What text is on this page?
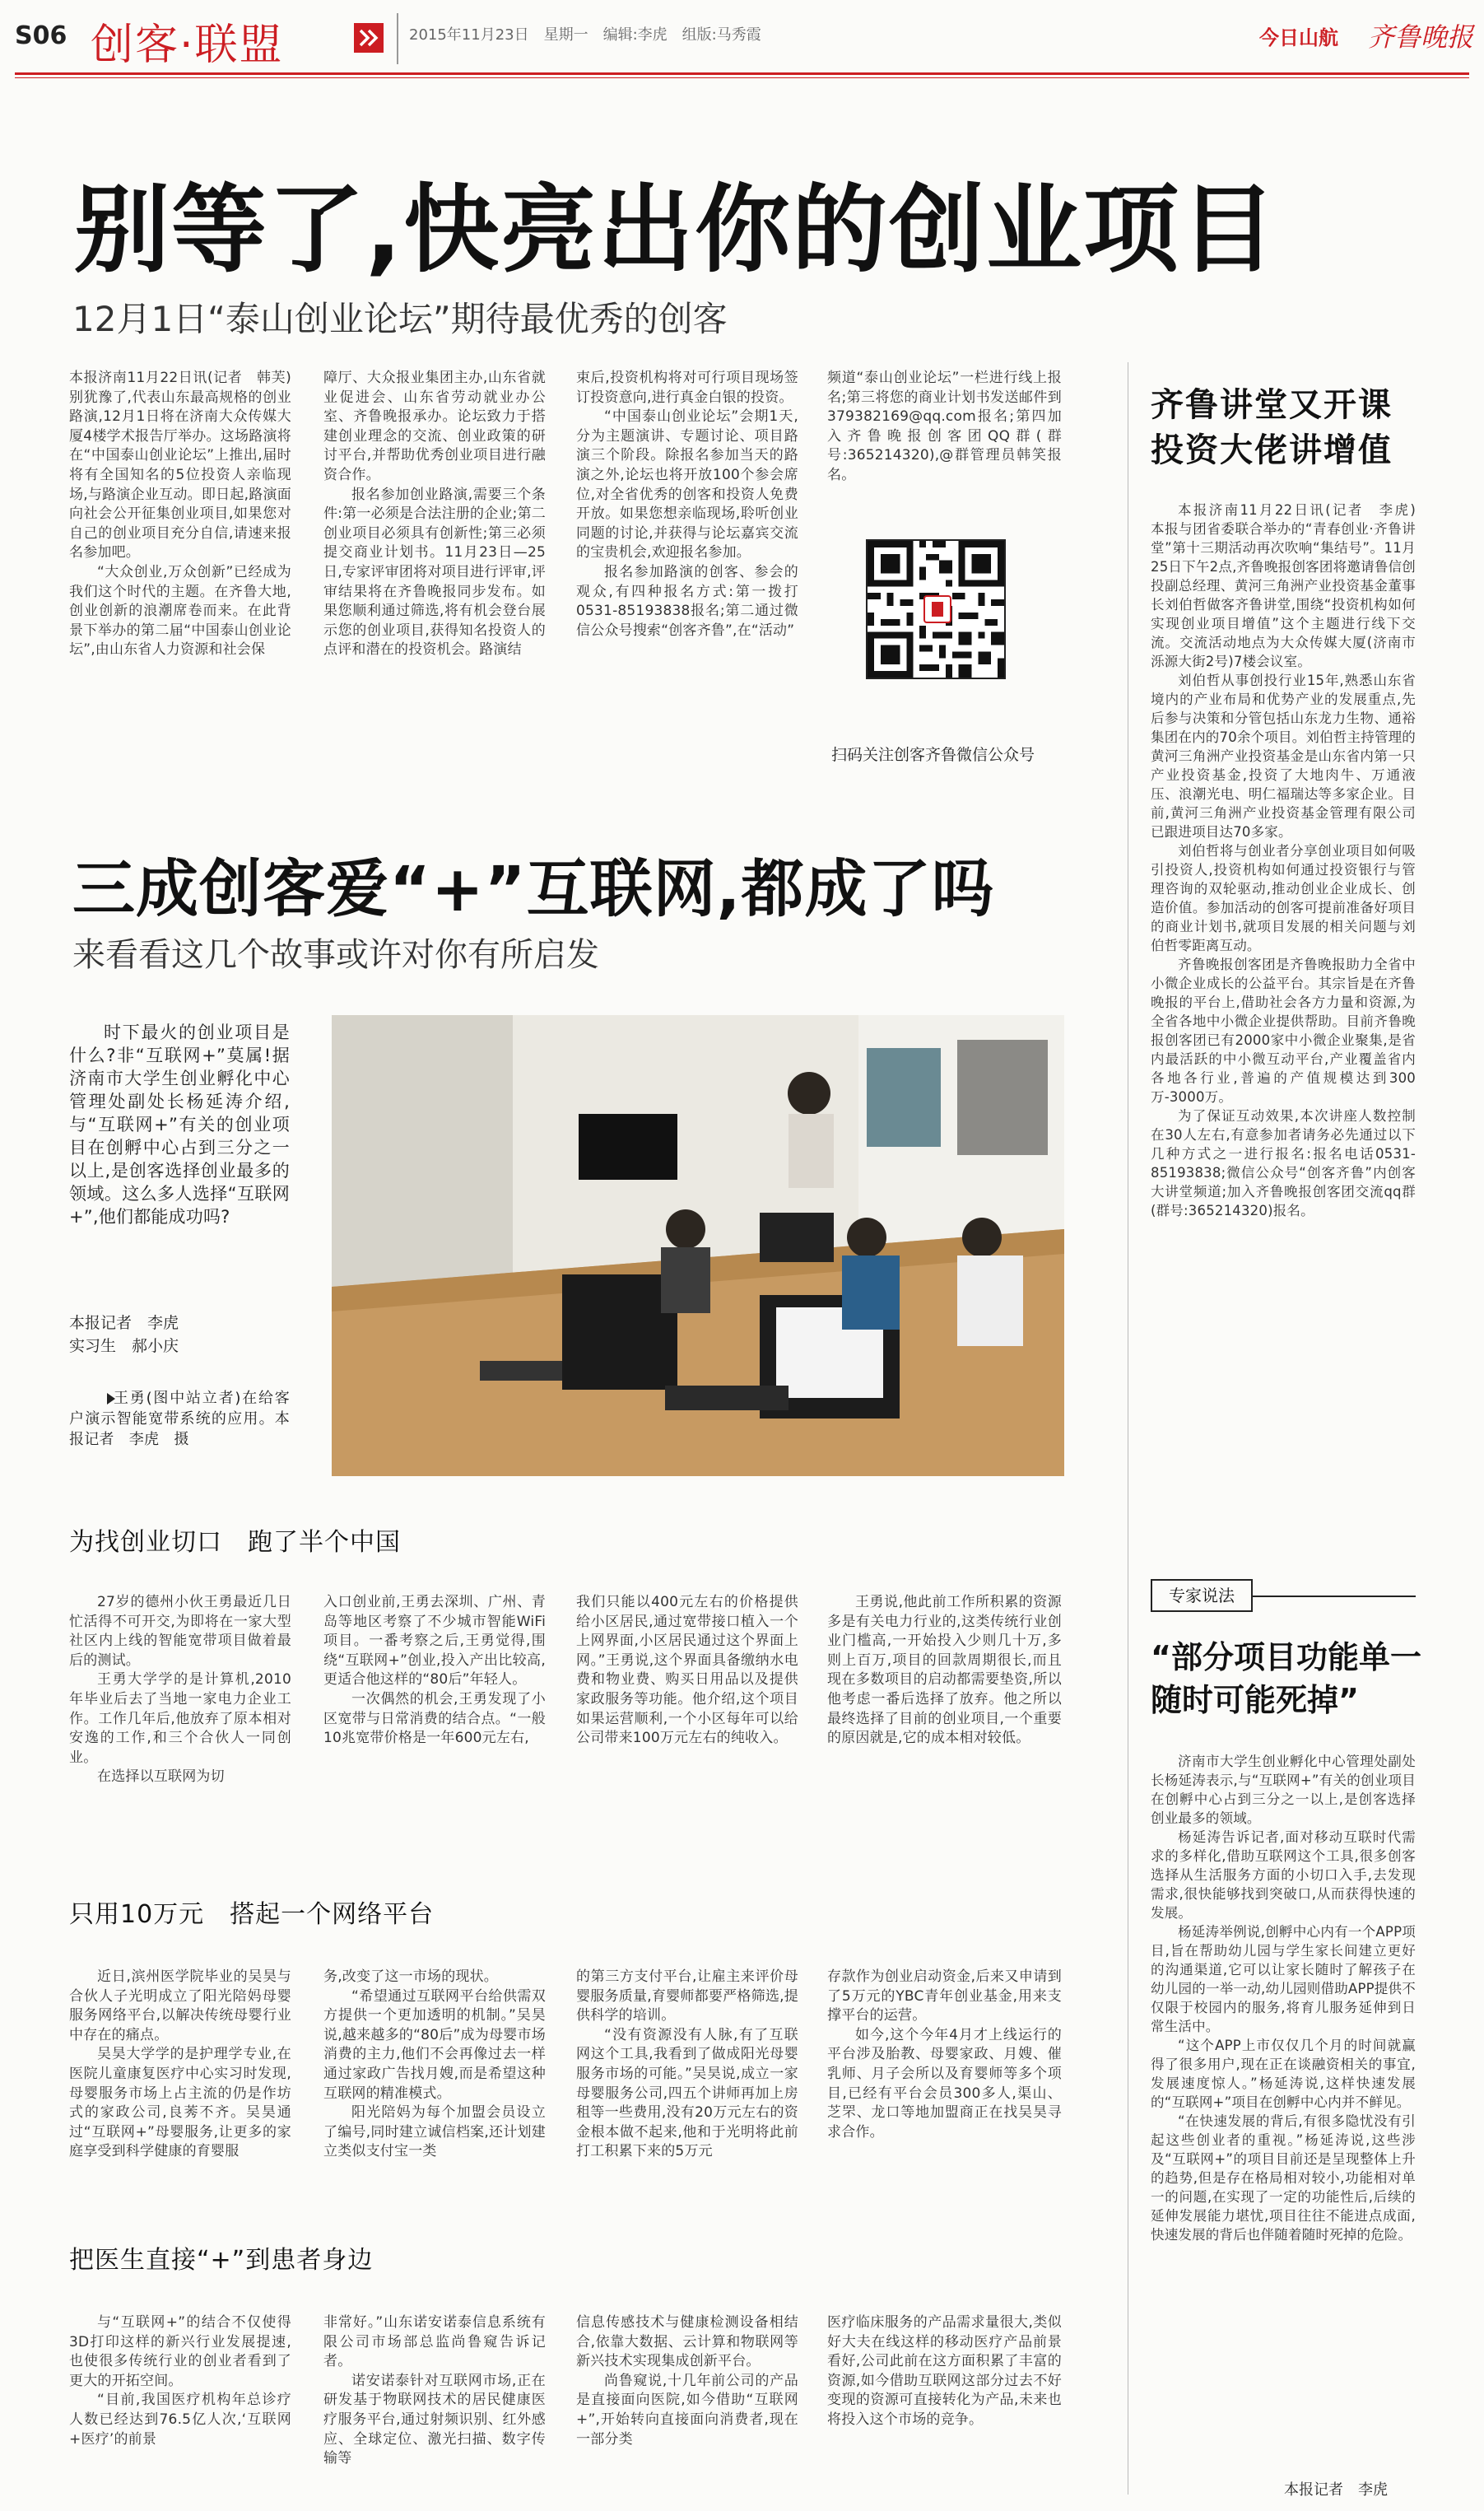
S06 创客·联盟	2015年11月23日　星期一　编辑:李虎　组版:马秀霞	今日山航 齐鲁晚报
别等了,快亮出你的创业项目
12月1日“泰山创业论坛”期待最优秀的创客

本报济南11月22日讯(记者　韩芙)　别犹豫了,代表山东最高规格的创业路演,12月1日将在济南大众传媒大厦4楼学术报告厅举办。这场路演将在“中国泰山创业论坛”上推出,届时将有全国知名的5位投资人亲临现场,与路演企业互动。即日起,路演面向社会公开征集创业项目,如果您对自己的创业项目充分自信,请速来报名参加吧。

“大众创业,万众创新”已经成为我们这个时代的主题。在齐鲁大地,创业创新的浪潮席卷而来。在此背景下举办的第二届“中国泰山创业论坛”,由山东省人力资源和社会保

障厅、大众报业集团主办,山东省就业促进会、山东省劳动就业办公室、齐鲁晚报承办。论坛致力于搭建创业理念的交流、创业政策的研讨平台,并帮助优秀创业项目进行融资合作。

报名参加创业路演,需要三个条件:第一必须是合法注册的企业;第二创业项目必须具有创新性;第三必须提交商业计划书。11月23日—25日,专家评审团将对项目进行评审,评审结果将在齐鲁晚报同步发布。如果您顺利通过筛选,将有机会登台展示您的创业项目,获得知名投资人的点评和潜在的投资机会。路演结

束后,投资机构将对可行项目现场签订投资意向,进行真金白银的投资。

“中国泰山创业论坛”会期1天,分为主题演讲、专题讨论、项目路演三个阶段。除报名参加当天的路演之外,论坛也将开放100个参会席位,对全省优秀的创客和投资人免费开放。如果您想亲临现场,聆听创业同题的讨论,并获得与论坛嘉宾交流的宝贵机会,欢迎报名参加。

报名参加路演的创客、参会的观众,有四种报名方式:第一拨打0531-85193838报名;第二通过微信公众号搜索“创客齐鲁”,在“活动”

频道“泰山创业论坛”一栏进行线上报名;第三将您的商业计划书发送邮件到379382169@qq.com报名;第四加入齐鲁晚报创客团QQ群(群号:365214320),@群管理员韩笑报名。

扫码关注创客齐鲁微信公众号
齐鲁讲堂又开课
投资大佬讲增值

本报济南11月22日讯(记者　李虎)　本报与团省委联合举办的“青春创业·齐鲁讲堂”第十三期活动再次吹响“集结号”。11月25日下午2点,齐鲁晚报创客团将邀请鲁信创投副总经理、黄河三角洲产业投资基金董事长刘伯哲做客齐鲁讲堂,围绕“投资机构如何实现创业项目增值”这个主题进行线下交流。交流活动地点为大众传媒大厦(济南市泺源大街2号)7楼会议室。

刘伯哲从事创投行业15年,熟悉山东省境内的产业布局和优势产业的发展重点,先后参与决策和分管包括山东龙力生物、通裕集团在内的70余个项目。刘伯哲主持管理的黄河三角洲产业投资基金是山东省内第一只产业投资基金,投资了大地肉牛、万通液压、浪潮光电、明仁福瑞达等多家企业。目前,黄河三角洲产业投资基金管理有限公司已跟进项目达70多家。

刘伯哲将与创业者分享创业项目如何吸引投资人,投资机构如何通过投资银行与管理咨询的双轮驱动,推动创业企业成长、创造价值。参加活动的创客可提前准备好项目的商业计划书,就项目发展的相关问题与刘伯哲零距离互动。

齐鲁晚报创客团是齐鲁晚报助力全省中小微企业成长的公益平台。其宗旨是在齐鲁晚报的平台上,借助社会各方力量和资源,为全省各地中小微企业提供帮助。目前齐鲁晚报创客团已有2000家中小微企业聚集,是省内最活跃的中小微互动平台,产业覆盖省内各地各行业,普遍的产值规模达到300万-3000万。

为了保证互动效果,本次讲座人数控制在30人左右,有意参加者请务必先通过以下几种方式之一进行报名:报名电话0531-85193838;微信公众号“创客齐鲁”内创客大讲堂频道;加入齐鲁晚报创客团交流qq群(群号:365214320)报名。

三成创客爱“+”互联网,都成了吗
来看看这几个故事或许对你有所启发

时下最火的创业项目是什么?非“互联网+”莫属!据济南市大学生创业孵化中心管理处副处长杨延涛介绍,与“互联网+”有关的创业项目在创孵中心占到三分之一以上,是创客选择创业最多的领域。这么多人选择“互联网+”,他们都能成功吗?

本报记者　李虎
实习生　郝小庆

王勇(图中站立者)在给客户演示智能宽带系统的应用。本报记者　李虎　摄

为找创业切口　跑了半个中国

27岁的德州小伙王勇最近几日忙活得不可开交,为即将在一家大型社区内上线的智能宽带项目做着最后的测试。

王勇大学学的是计算机,2010年毕业后去了当地一家电力企业工作。工作几年后,他放弃了原本相对安逸的工作,和三个合伙人一同创业。

在选择以互联网为切

入口创业前,王勇去深圳、广州、青岛等地区考察了不少城市智能WiFi项目。一番考察之后,王勇觉得,围绕“互联网+”创业,投入产出比较高,更适合他这样的“80后”年轻人。

一次偶然的机会,王勇发现了小区宽带与日常消费的结合点。“一般10兆宽带价格是一年600元左右,

我们只能以400元左右的价格提供给小区居民,通过宽带接口植入一个上网界面,小区居民通过这个界面上网。”王勇说,这个界面具备缴纳水电费和物业费、购买日用品以及提供家政服务等功能。他介绍,这个项目如果运营顺利,一个小区每年可以给公司带来100万元左右的纯收入。

王勇说,他此前工作所积累的资源多是有关电力行业的,这类传统行业创业门槛高,一开始投入少则几十万,多则上百万,项目的回款周期很长,而且现在多数项目的启动都需要垫资,所以他考虑一番后选择了放弃。他之所以最终选择了目前的创业项目,一个重要的原因就是,它的成本相对较低。

只用10万元　搭起一个网络平台

近日,滨州医学院毕业的吴昊与合伙人子光明成立了阳光陪妈母婴服务网络平台,以解决传统母婴行业中存在的痛点。

吴昊大学学的是护理学专业,在医院儿童康复医疗中心实习时发现,母婴服务市场上占主流的仍是作坊式的家政公司,良莠不齐。吴昊通过“互联网+”母婴服务,让更多的家庭享受到科学健康的育婴服

务,改变了这一市场的现状。

“希望通过互联网平台给供需双方提供一个更加透明的机制。”吴昊说,越来越多的“80后”成为母婴市场消费的主力,他们不会再像过去一样通过家政广告找月嫂,而是希望这种互联网的精准模式。

阳光陪妈为每个加盟会员设立了编号,同时建立诚信档案,还计划建立类似支付宝一类

的第三方支付平台,让雇主来评价母婴服务质量,育婴师都要严格筛选,提供科学的培训。

“没有资源没有人脉,有了互联网这个工具,我看到了做成阳光母婴服务市场的可能。”吴昊说,成立一家母婴服务公司,四五个讲师再加上房租等一些费用,没有20万元左右的资金根本做不起来,他和于光明将此前打工积累下来的5万元

存款作为创业启动资金,后来又申请到了5万元的YBC青年创业基金,用来支撑平台的运营。

如今,这个今年4月才上线运行的平台涉及胎教、母婴家政、月嫂、催乳师、月子会所以及育婴师等多个项目,已经有平台会员300多人,渠山、芝罘、龙口等地加盟商正在找吴昊寻求合作。

把医生直接“+”到患者身边

与“互联网+”的结合不仅使得3D打印这样的新兴行业发展提速,也使很多传统行业的创业者看到了更大的开拓空间。

“目前,我国医疗机构年总诊疗人数已经达到76.5亿人次,‘互联网+医疗’的前景

非常好。”山东诺安诺泰信息系统有限公司市场部总监尚鲁窥告诉记者。

诺安诺泰针对互联网市场,正在研发基于物联网技术的居民健康医疗服务平台,通过射频识别、红外感应、全球定位、激光扫描、数字传输等

信息传感技术与健康检测设备相结合,依靠大数据、云计算和物联网等新兴技术实现集成创新平台。

尚鲁窥说,十几年前公司的产品是直接面向医院,如今借助“互联网+”,开始转向直接面向消费者,现在一部分类

医疗临床服务的产品需求量很大,类似好大夫在线这样的移动医疗产品前景看好,公司此前在这方面积累了丰富的资源,如今借助互联网这部分过去不好变现的资源可直接转化为产品,未来也将投入这个市场的竞争。

专家说法
“部分项目功能单一
随时可能死掉”

济南市大学生创业孵化中心管理处副处长杨延涛表示,与“互联网+”有关的创业项目在创孵中心占到三分之一以上,是创客选择创业最多的领域。

杨延涛告诉记者,面对移动互联时代需求的多样化,借助互联网这个工具,很多创客选择从生活服务方面的小切口入手,去发现需求,很快能够找到突破口,从而获得快速的发展。

杨延涛举例说,创孵中心内有一个APP项目,旨在帮助幼儿园与学生家长间建立更好的沟通渠道,它可以让家长随时了解孩子在幼儿园的一举一动,幼儿园则借助APP提供不仅限于校园内的服务,将育儿服务延伸到日常生活中。

“这个APP上市仅仅几个月的时间就赢得了很多用户,现在正在谈融资相关的事宜,发展速度惊人。”杨延涛说,这样快速发展的“互联网+”项目在创孵中心内并不鲜见。

“在快速发展的背后,有很多隐忧没有引起这些创业者的重视。”杨延涛说,这些涉及“互联网+”的项目目前还是呈现整体上升的趋势,但是存在格局相对较小,功能相对单一的问题,在实现了一定的功能性后,后续的延伸发展能力堪忧,项目往往不能进点成面,快速发展的背后也伴随着随时死掉的危险。

本报记者　李虎
